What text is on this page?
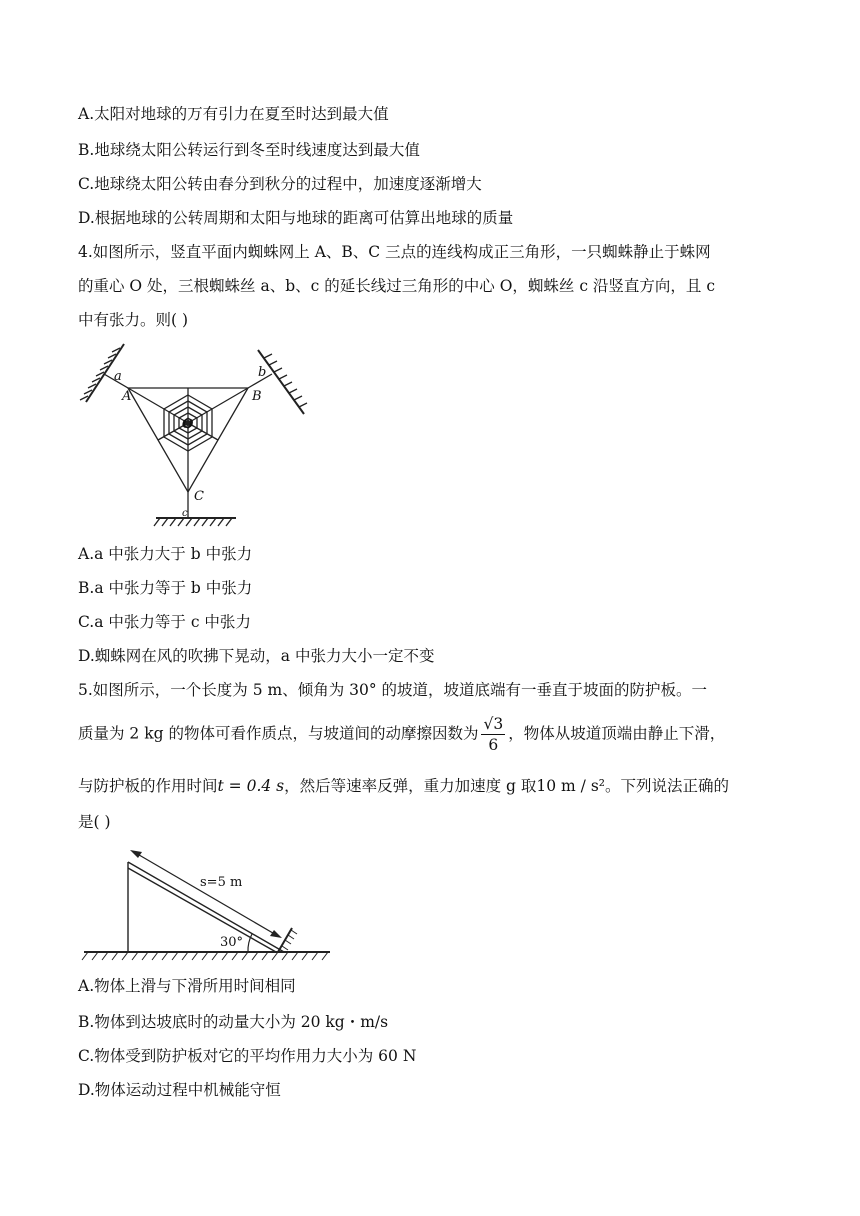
A.太阳对地球的万有引力在夏至时达到最大值
B.地球绕太阳公转运行到冬至时线速度达到最大值
C.地球绕太阳公转由春分到秋分的过程中，加速度逐渐增大
D.根据地球的公转周期和太阳与地球的距离可估算出地球的质量
4.如图所示，竖直平面内蜘蛛网上 A、B、C 三点的连线构成正三角形，一只蜘蛛静止于蛛网
的重心 O 处，三根蜘蛛丝 a、b、c 的延长线过三角形的中心 O，蜘蛛丝 c 沿竖直方向，且 c
中有张力。则( )
a
A
b
B
O
C
c
A.a 中张力大于 b 中张力
B.a 中张力等于 b 中张力
C.a 中张力等于 c 中张力
D.蜘蛛网在风的吹拂下晃动，a 中张力大小一定不变
5.如图所示，一个长度为 5 m、倾角为 30° 的坡道，坡道底端有一垂直于坡面的防护板。一
质量为 2 kg 的物体可看作质点，与坡道间的动摩擦因数为 $\frac{√3}{6}$ ，物体从坡道顶端由静止下滑，
与防护板的作用时间t = 0.4 s，然后等速率反弹，重力加速度 g 取10 m / s²。下列说法正确的
是( )
s=5 m
30°
A.物体上滑与下滑所用时间相同
B.物体到达坡底时的动量大小为 20 kg・m/s
C.物体受到防护板对它的平均作用力大小为 60 N
D.物体运动过程中机械能守恒
